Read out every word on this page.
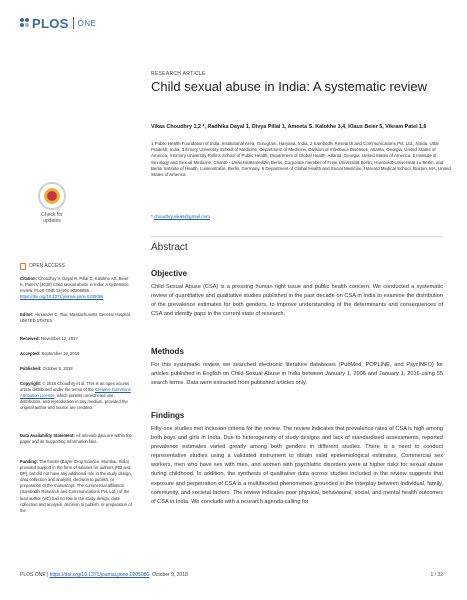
PLOS ONE
RESEARCH ARTICLE
Child sexual abuse in India: A systematic review
Vikas Choudhry 1,2 *, Radhika Dayal 1, Divya Pillai 1, Ameeta S. Kalokhe 3,4, Klaus Beier 5, Vikram Patel 1,6
1 Public Health Foundation of India, Institutional Area, Gurugram, Haryana, India, 2 Sambodhi Research and Communications Pvt. Ltd., Noida, Uttar Pradesh, India, 3 Emory University School of Medicine, Department of Medicine, Division of Infectious Diseases, Atlanta, Georgia, United States of America, 4 Emory University Rollins School of Public Health, Department of Global Health, Atlanta, Georgia, United States of America, 5 Institute of Sexology and Sexual Medicine, Charité - Universitätsmedizin Berlin, Corporate member of Freie Universität Berlin, Humboldt-Universität zu Berlin, and Berlin Institute of Health, Luisenstraße, Berlin, Germany, 6 Department of Global Health and Social Medicine, Harvard Medical School, Boston, MA, United States of America
* choudhry.vikas@gmail.com
Abstract
Objective
Child Sexual Abuse (CSA) is a pressing human right issue and public health concern. We conducted a systematic review of quantitative and qualitative studies published in the past decade on CSA in India to examine the distribution of the prevalence estimates for both genders, to improve understanding of the determinants and consequences of CSA and identify gaps in the current state of research.
Methods
For this systematic review, we searched electronic literature databases (PubMed, POPLINE, and PsycINFO) for articles published in English on Child Sexual Abuse in India between January 1, 2006 and January 1, 2016 using 55 search terms. Data were extracted from published articles only.
Findings
Fifty-one studies met inclusion criteria for the review. The review indicates that prevalence rates of CSA is high among both boys and girls in India. Due to heterogeneity of study designs and lack of standardised assessments, reported prevalence estimates varied greatly among both genders in different studies. There is a need to conduct representative studies using a validated instrument to obtain valid epidemiological estimates. Commercial sex workers, men who have sex with men, and women with psychiatric disorders were at higher risks for sexual abuse during childhood. In addition, the synthesis of qualitative data across studies included in the review suggests that exposure and perpetration of CSA is a multifaceted phenomenon grounded in the interplay between individual, family, community, and societal factors. The review indicates poor physical, behavioural, social, and mental health outcomes of CSA in India. We conclude with a research agenda calling for
Check for
updates
OPEN ACCESS

Citation: Choudhry V, Dayal R, Pillai D, Kalokhe AS, Beier K, Patel V (2018) Child sexual abuse in India: A systematic review. PLoS ONE 13(10): e0205086. https://doi.org/10.1371/journal.pone.0205086

Editor: Alexander C. Tsai, Massachusetts General Hospital, UNITED STATES

Received: November 12, 2017

Accepted: September 19, 2018

Published: October 9, 2018

Copyright: © 2018 Choudhry et al. This is an open access article distributed under the terms of the Creative Commons Attribution License, which permits unrestricted use, distribution, and reproduction in any medium, provided the original author and source are credited.

Data Availability Statement: All relevant data are within the paper and its Supporting Information files.

Funding: The funder (Bayer Crop Science, Mumbai, India) provided support in the form of salaries for authors (RD and DP), but did not have any additional role in the study design, data collection and analysis, decision to publish, or preparation of the manuscript. The commercial affiliation (Sambodhi Research and Communications Pvt. Ltd.) of the lead author (VC) had no role in the study design, data collection and analysis, decision to publish, or preparation of the

PLOS ONE | https://doi.org/10.1371/journal.pone.0205086 October 9, 2018	1 / 32
